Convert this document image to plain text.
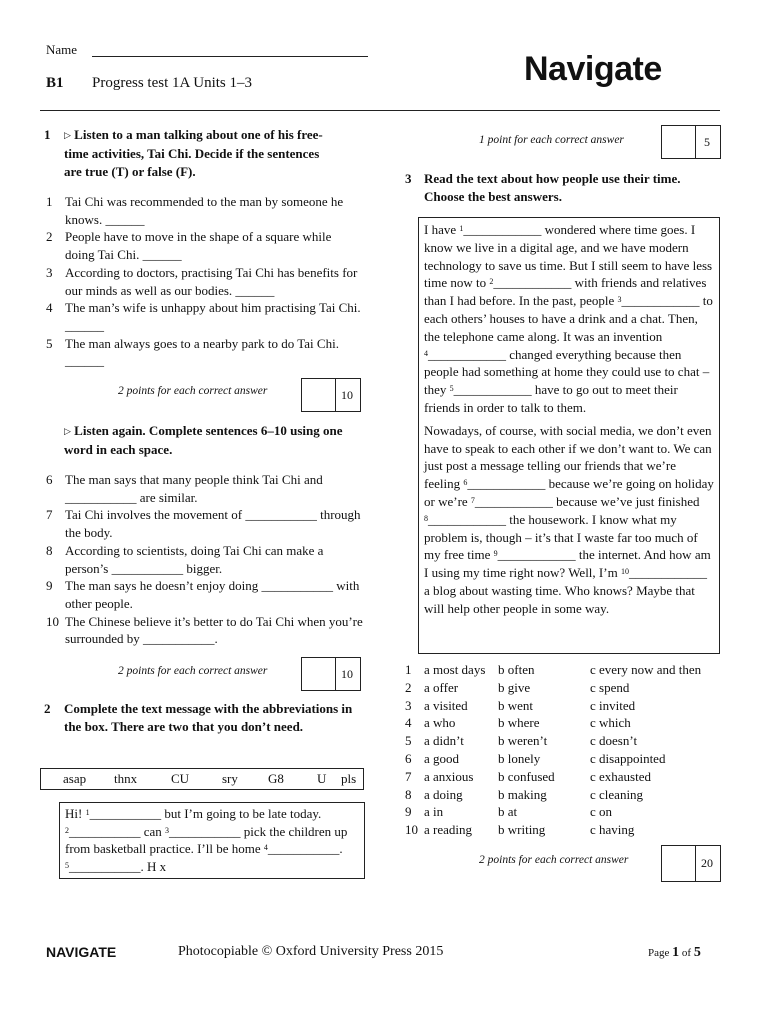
Name
B1 Progress test 1A Units 1–3	Navigate
1	▷ Listen to a man talking about one of his free-time activities, Tai Chi. Decide if the sentences are true (T) or false (F).
1 Tai Chi was recommended to the man by someone he knows. ______
2 People have to move in the shape of a square while doing Tai Chi. ______
3 According to doctors, practising Tai Chi has benefits for our minds as well as our bodies. ______
4 The man’s wife is unhappy about him practising Tai Chi. ______
5 The man always goes to a nearby park to do Tai Chi. ______
2 points for each correct answer	10
▷ Listen again. Complete sentences 6–10 using one word in each space.
6 The man says that many people think Tai Chi and ___________ are similar.
7 Tai Chi involves the movement of ___________ through the body.
8 According to scientists, doing Tai Chi can make a person’s ___________ bigger.
9 The man says he doesn’t enjoy doing ___________ with other people.
10 The Chinese believe it’s better to do Tai Chi when you’re surrounded by ___________.
2 points for each correct answer	10
2	Complete the text message with the abbreviations in the box. There are two that you don’t need.
asap thnx	CU	sry G8	U pls
Hi! $^1$___________ but I’m going to be late today.
$^2$___________ can $^3$___________ pick the children up from basketball practice. I’ll be home $^4$___________.
$^5$___________. H x
1 point for each correct answer	5
3 Read the text about how people use their time. Choose the best answers.

I have $^1$____________ wondered where time goes. I know we live in a digital age, and we have modern technology to save us time. But I still seem to have less time now to $^2$____________ with friends and relatives than I had before. In the past, people $^3$____________ to each others’ houses to have a drink and a chat. Then, the telephone came along. It was an invention $^4$____________ changed everything because then people had something at home they could use to chat – they $^5$____________ have to go out to meet their friends in order to talk to them.

Nowadays, of course, with social media, we don’t even have to speak to each other if we don’t want to. We can just post a message telling our friends that we’re feeling $^6$____________ because we’re going on holiday or we’re $^7$____________ because we’ve just finished $^8$____________ the housework. I know what my problem is, though – it’s that I waste far too much of my free time $^9$____________ the internet. And how am I using my time right now? Well, I’m $^{10}$____________ a blog about wasting time. Who knows? Maybe that will help other people in some way.

1 a most days b often	c every now and then
2 a offer	b give	c spend
3 a visited b went	c invited
4 a who	b where	c which
5 a didn’t	b weren’t	c doesn’t
6 a good	b lonely	c disappointed
7 a anxious b confused	c exhausted
8 a doing	b making	c cleaning
9 a in	b at	c on
10 a reading b writing	c having
2 points for each correct answer	20
NAVIGATE	Photocopiable © Oxford University Press 2015	Page 1 of 5
